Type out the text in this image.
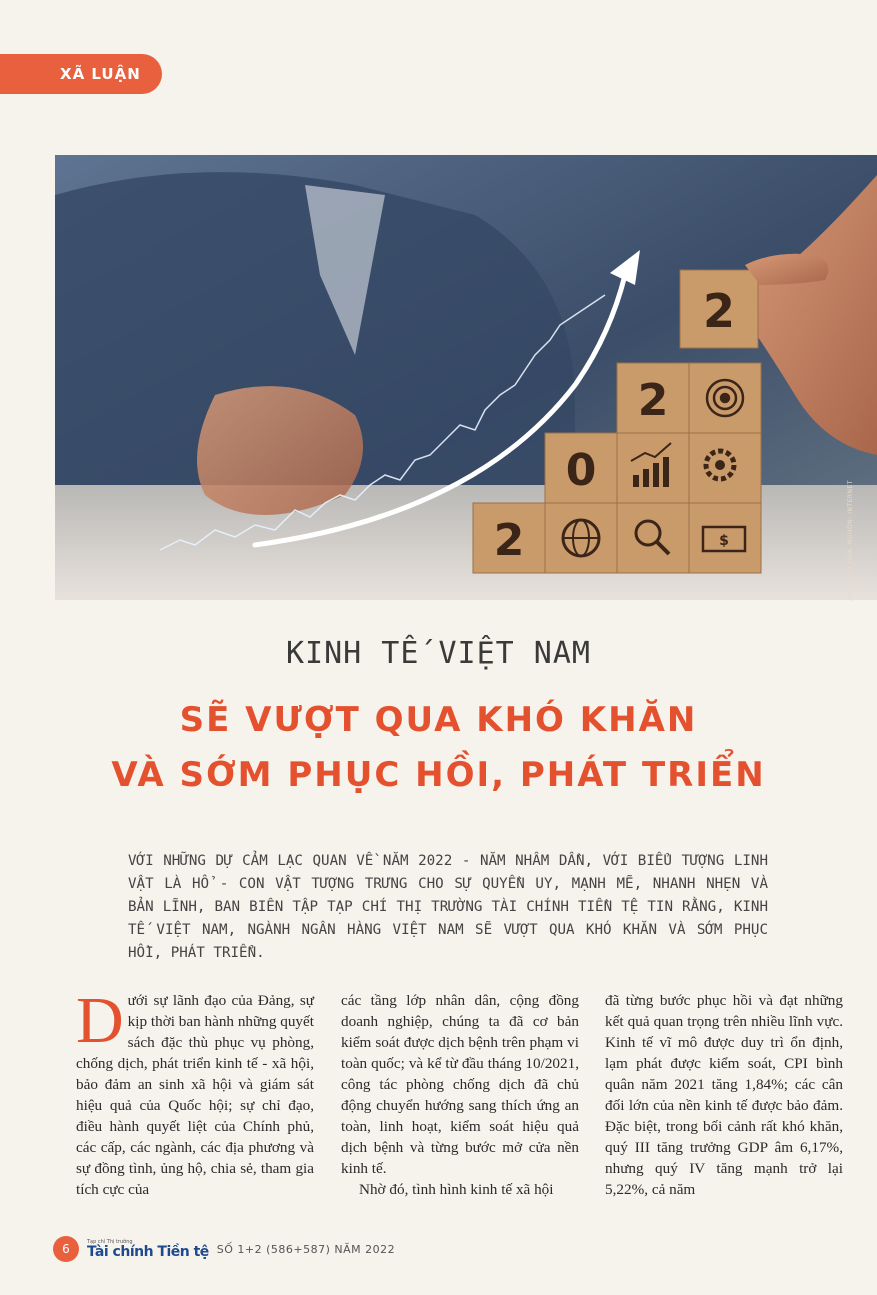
XÃ LUẬN
2	$
0
2
2
ẢNH MINH HỌA. NGUỒN: INTERNET
KINH TẾ VIỆT NAM
SẼ VƯỢT QUA KHÓ KHĂN
VÀ SỚM PHỤC HỒI, PHÁT TRIỂN

VỚI NHỮNG DỰ CẢM LẠC QUAN VỀ NĂM 2022 - NĂM NHÂM DẦN, VỚI BIỂU TƯỢNG LINH VẬT LÀ HỔ - CON VẬT TƯỢNG TRƯNG CHO SỰ QUYỀN UY, MẠNH MẼ, NHANH NHẸN VÀ BẢN LĨNH, BAN BIÊN TẬP TẠP CHÍ THỊ TRƯỜNG TÀI CHÍNH TIỀN TỆ TIN RẰNG, KINH TẾ VIỆT NAM, NGÀNH NGÂN HÀNG VIỆT NAM SẼ VƯỢT QUA KHÓ KHĂN VÀ SỚM PHỤC HỒI, PHÁT TRIỂN.

Dưới sự lãnh đạo của Đảng, sự kịp thời ban hành những quyết sách đặc thù phục vụ phòng, chống dịch, phát triển kinh tế - xã hội, bảo đảm an sinh xã hội và giám sát hiệu quả của Quốc hội; sự chỉ đạo, điều hành quyết liệt của Chính phủ, các cấp, các ngành, các địa phương và sự đồng tình, ủng hộ, chia sẻ, tham gia tích cực của

các tầng lớp nhân dân, cộng đồng doanh nghiệp, chúng ta đã cơ bản kiểm soát được dịch bệnh trên phạm vi toàn quốc; và kể từ đầu tháng 10/2021, công tác phòng chống dịch đã chủ động chuyển hướng sang thích ứng an toàn, linh hoạt, kiểm soát hiệu quả dịch bệnh và từng bước mở cửa nền kinh tế.

Nhờ đó, tình hình kinh tế xã hội

đã từng bước phục hồi và đạt những kết quả quan trọng trên nhiều lĩnh vực. Kinh tế vĩ mô được duy trì ổn định, lạm phát được kiểm soát, CPI bình quân năm 2021 tăng 1,84%; các cân đối lớn của nền kinh tế được bảo đảm. Đặc biệt, trong bối cảnh rất khó khăn, quý III tăng trưởng GDP âm 6,17%, nhưng quý IV tăng mạnh trở lại 5,22%, cả năm

6
Tạp chí Thị trường
Tài chính Tiền tệ SỐ 1+2 (586+587) NĂM 2022
